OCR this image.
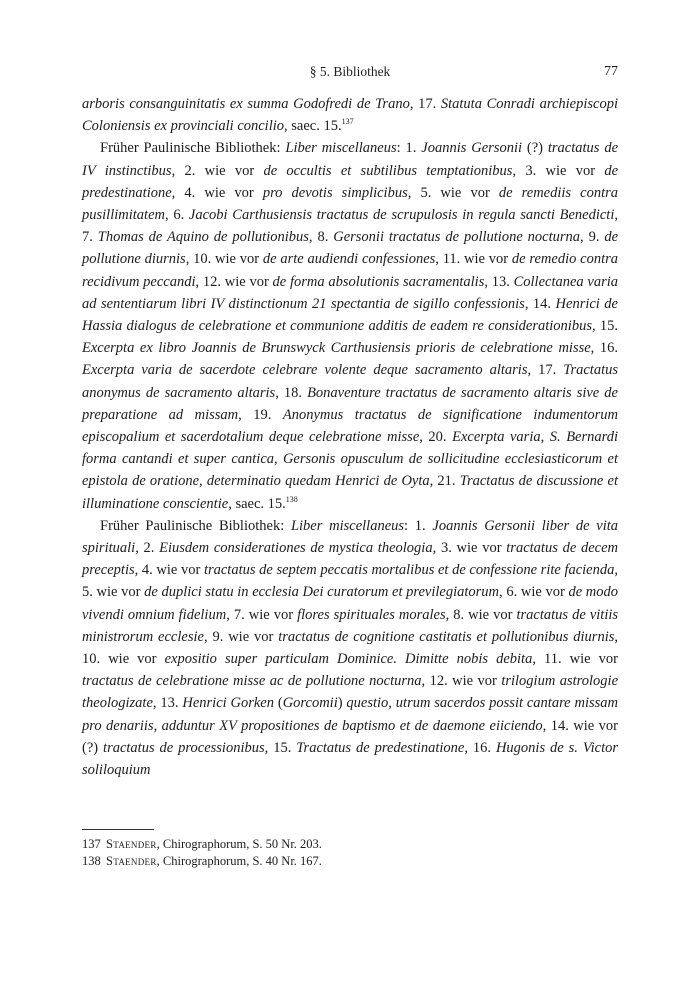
§ 5. Bibliothek	77

arboris consanguinitatis ex summa Godofredi de Trano, 17. Statuta Conradi archiepiscopi Coloniensis ex provinciali concilio, saec. 15.$^{137}$

Früher Paulinische Bibliothek: Liber miscellaneus: 1. Joannis Gersonii (?) tractatus de IV instinctibus, 2. wie vor de occultis et subtilibus temptationibus, 3. wie vor de predestinatione, 4. wie vor pro devotis simplicibus, 5. wie vor de remediis contra pusillimitatem, 6. Jacobi Carthusiensis tractatus de scrupulosis in regula sancti Benedicti, 7. Thomas de Aquino de pollutionibus, 8. Gersonii tractatus de pollutione nocturna, 9. de pollutione diurnis, 10. wie vor de arte audiendi confessiones, 11. wie vor de remedio contra recidivum peccandi, 12. wie vor de forma absolutionis sacramentalis, 13. Collectanea varia ad sententiarum libri IV distinctionum 21 spectantia de sigillo confessionis, 14. Henrici de Hassia dialogus de celebratione et communione additis de eadem re considerationibus, 15. Excerpta ex libro Joannis de Brunswyck Carthusiensis prioris de celebratione misse, 16. Excerpta varia de sacerdote celebrare volente deque sacramento altaris, 17. Tractatus anonymus de sacramento altaris, 18. Bonaventure tractatus de sacramento altaris sive de preparatione ad missam, 19. Anonymus tractatus de significatione indumentorum episcopalium et sacerdotalium deque celebratione misse, 20. Excerpta varia, S. Bernardi forma cantandi et super cantica, Gersonis opusculum de sollicitudine ecclesiasticorum et epistola de oratione, determinatio quedam Henrici de Oyta, 21. Tractatus de discussione et illuminatione conscientie, saec. 15.$^{138}$

Früher Paulinische Bibliothek: Liber miscellaneus: 1. Joannis Gersonii liber de vita spirituali, 2. Eiusdem considerationes de mystica theologia, 3. wie vor tractatus de decem preceptis, 4. wie vor tractatus de septem peccatis mortalibus et de confessione rite facienda, 5. wie vor de duplici statu in ecclesia Dei curatorum et previlegiatorum, 6. wie vor de modo vivendi omnium fidelium, 7. wie vor flores spirituales morales, 8. wie vor tractatus de vitiis ministrorum ecclesie, 9. wie vor tractatus de cognitione castitatis et pollutionibus diurnis, 10. wie vor expositio super particulam Dominice. Dimitte nobis debita, 11. wie vor tractatus de celebratione misse ac de pollutione nocturna, 12. wie vor trilogium astrologie theologizate, 13. Henrici Gorken (Gorcomii) questio, utrum sacerdos possit cantare missam pro denariis, adduntur XV propositiones de baptismo et de daemone eiiciendo, 14. wie vor (?) tractatus de processionibus, 15. Tractatus de predestinatione, 16. Hugonis de s. Victor soliloquium

137 Staender, Chirographorum, S. 50 Nr. 203.
138 Staender, Chirographorum, S. 40 Nr. 167.
